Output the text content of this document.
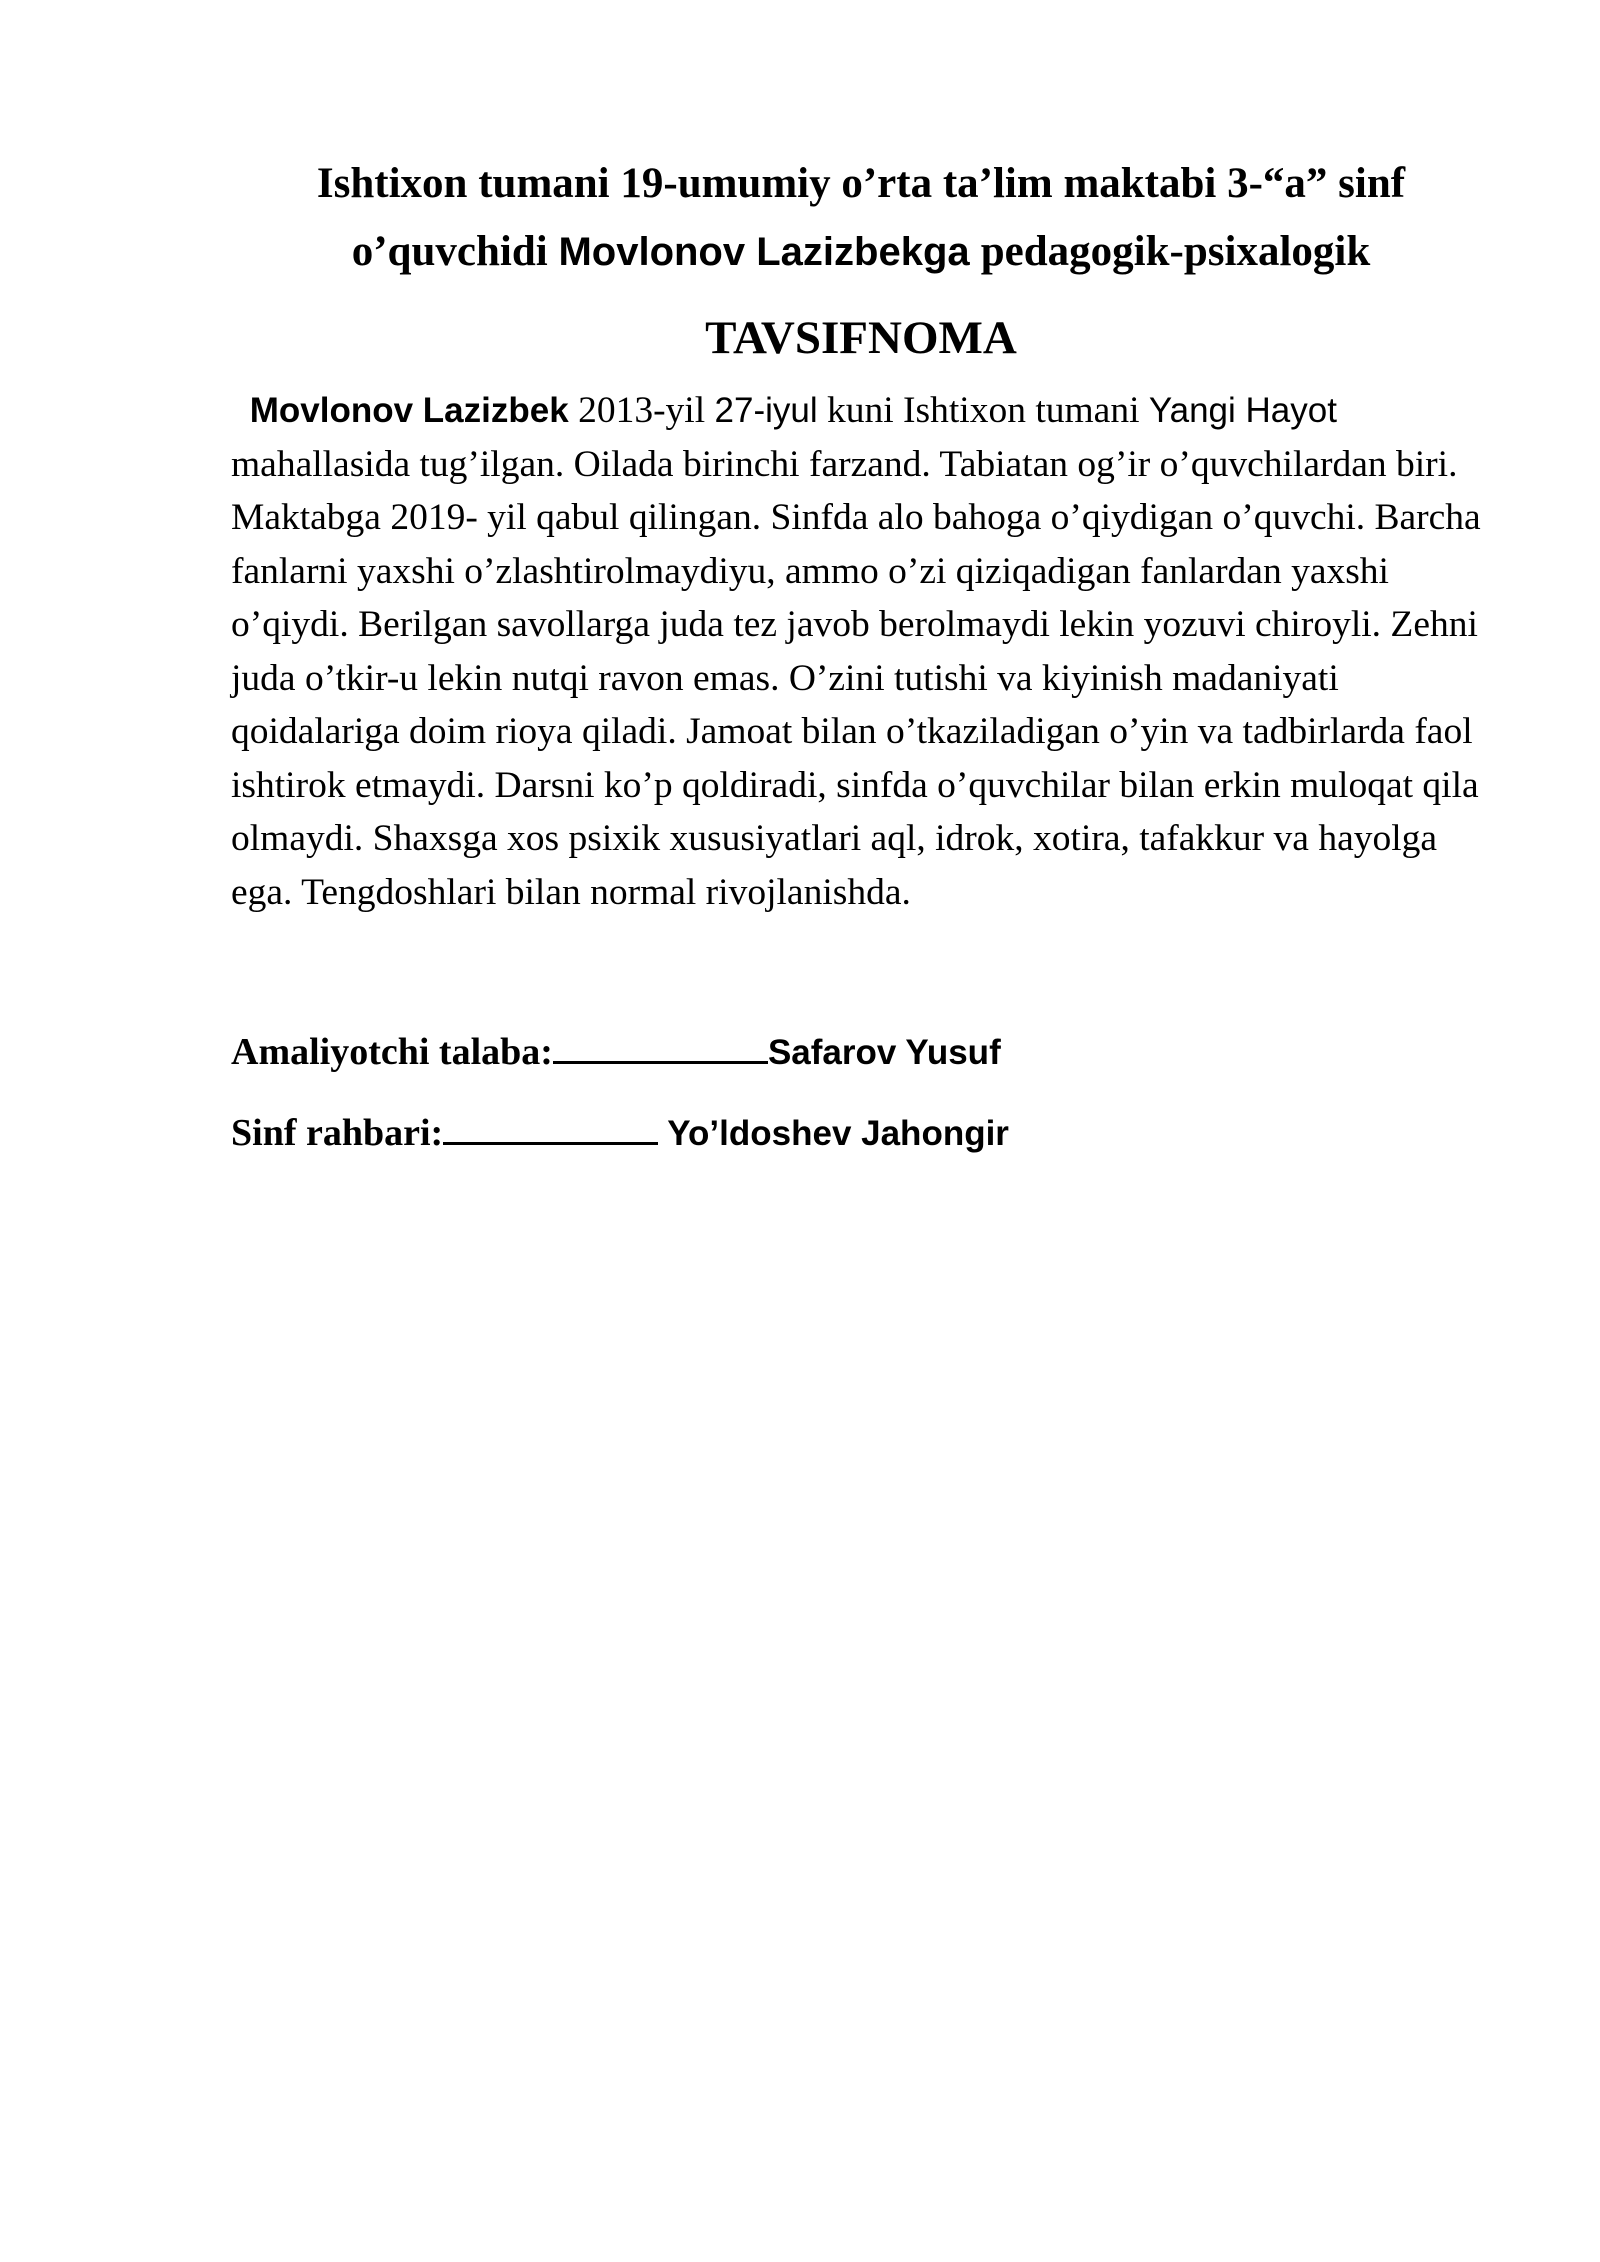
Ishtixon tumani 19-umumiy o’rta ta’lim maktabi 3-“a” sinf
o’quvchidi Movlonov Lazizbekga pedagogik-psixalogik

TAVSIFNOMA

Movlonov Lazizbek 2013-yil 27-iyul kuni Ishtixon tumani Yangi Hayot mahallasida tug’ilgan. Oilada birinchi farzand. Tabiatan og’ir o’quvchilardan biri. Maktabga 2019- yil qabul qilingan. Sinfda alo bahoga o’qiydigan o’quvchi. Barcha fanlarni yaxshi o’zlashtirolmaydiyu, ammo o’zi qiziqadigan fanlardan yaxshi o’qiydi. Berilgan savollarga juda tez javob berolmaydi lekin yozuvi chiroyli. Zehni juda o’tkir-u lekin nutqi ravon emas. O’zini tutishi va kiyinish madaniyati qoidalariga doim rioya qiladi. Jamoat bilan o’tkaziladigan o’yin va tadbirlarda faol ishtirok etmaydi. Darsni ko’p qoldiradi, sinfda o’quvchilar bilan erkin muloqat qila olmaydi. Shaxsga xos psixik xususiyatlari aql, idrok, xotira, tafakkur va hayolga ega. Tengdoshlari bilan normal rivojlanishda.

Amaliyotchi talaba:	Safarov Yusuf

Sinf rahbari:	Yo’ldoshev Jahongir
